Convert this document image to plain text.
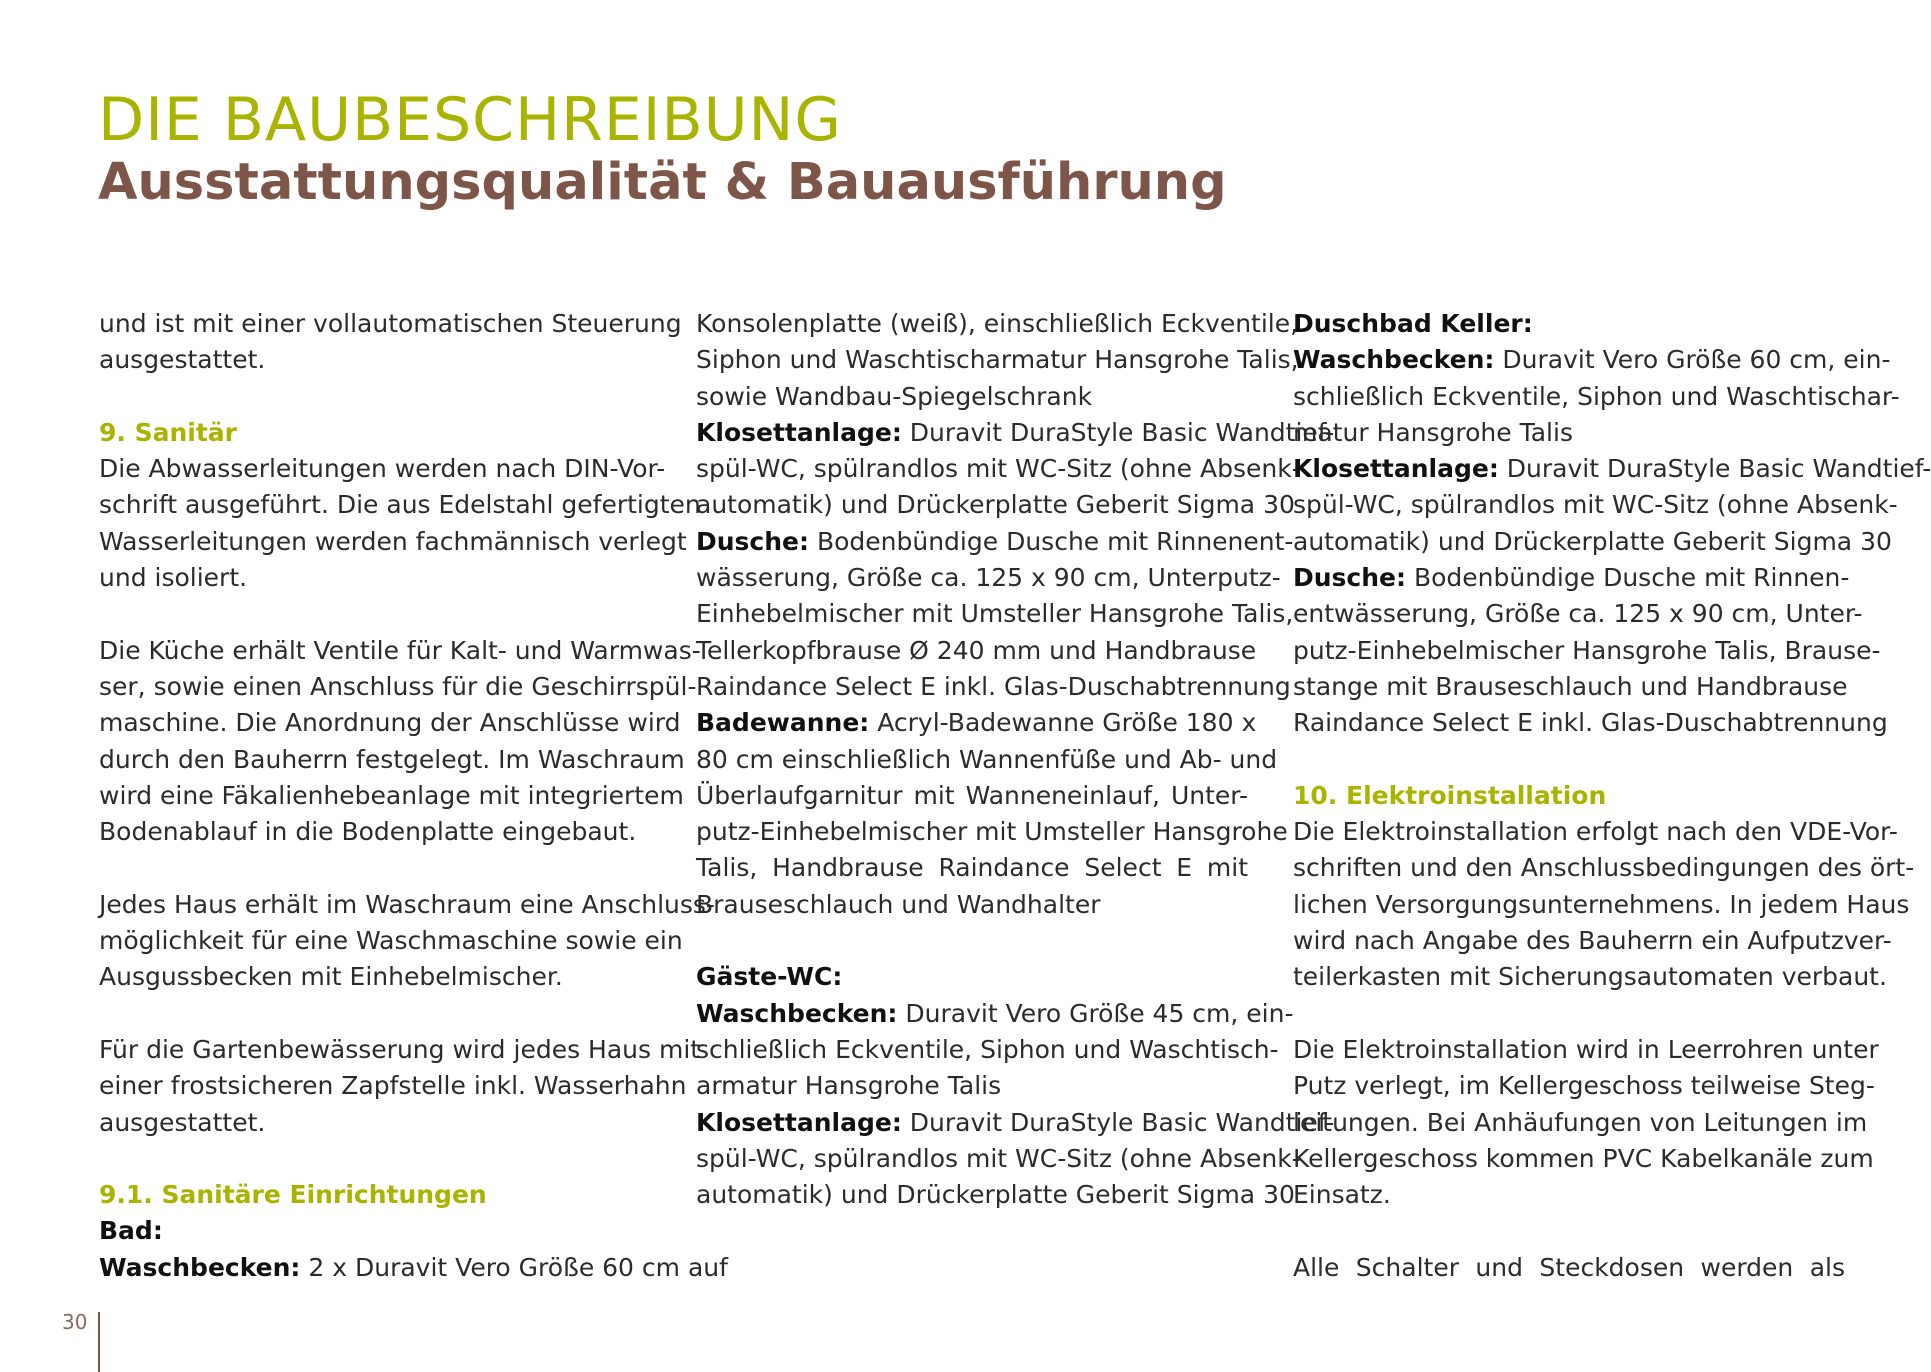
DIE BAUBESCHREIBUNG
Ausstattungsqualität & Bauausführung
und ist mit einer vollautomatischen Steuerung
ausgestattet.
9. Sanitär
Die Abwasserleitungen werden nach DIN-Vor-
schrift ausgeführt. Die aus Edelstahl gefertigten
Wasserleitungen werden fachmännisch verlegt
und isoliert.
Die Küche erhält Ventile für Kalt- und Warmwas-
ser, sowie einen Anschluss für die Geschirrspül-
maschine. Die Anordnung der Anschlüsse wird
durch den Bauherrn festgelegt. Im Waschraum
wird eine Fäkalienhebeanlage mit integriertem
Bodenablauf in die Bodenplatte eingebaut.
Jedes Haus erhält im Waschraum eine Anschluss-
möglichkeit für eine Waschmaschine sowie ein
Ausgussbecken mit Einhebelmischer.
Für die Gartenbewässerung wird jedes Haus mit
einer frostsicheren Zapfstelle inkl. Wasserhahn
ausgestattet.
9.1. Sanitäre Einrichtungen
Bad:
Waschbecken: 2 x Duravit Vero Größe 60 cm auf
Konsolenplatte (weiß), einschließlich Eckventile,
Siphon und Waschtischarmatur Hansgrohe Talis,
sowie Wandbau-Spiegelschrank
Klosettanlage: Duravit DuraStyle Basic Wandtief-
spül-WC, spülrandlos mit WC-Sitz (ohne Absenk-
automatik) und Drückerplatte Geberit Sigma 30
Dusche: Bodenbündige Dusche mit Rinnenent-
wässerung, Größe ca. 125 x 90 cm, Unterputz-
Einhebelmischer mit Umsteller Hansgrohe Talis,
Tellerkopfbrause Ø 240 mm und Handbrause
Raindance Select E inkl. Glas-Duschabtrennung
Badewanne: Acryl-Badewanne Größe 180 x
80 cm einschließlich Wannenfüße und Ab- und
Überlaufgarnitur mit Wanneneinlauf, Unter-
putz-Einhebelmischer mit Umsteller Hansgrohe
Talis, Handbrause Raindance Select E mit
Brauseschlauch und Wandhalter
Gäste-WC:
Waschbecken: Duravit Vero Größe 45 cm, ein-
schließlich Eckventile, Siphon und Waschtisch-
armatur Hansgrohe Talis
Klosettanlage: Duravit DuraStyle Basic Wandtief-
spül-WC, spülrandlos mit WC-Sitz (ohne Absenk-
automatik) und Drückerplatte Geberit Sigma 30
Duschbad Keller:
Waschbecken: Duravit Vero Größe 60 cm, ein-
schließlich Eckventile, Siphon und Waschtischar-
matur Hansgrohe Talis
Klosettanlage: Duravit DuraStyle Basic Wandtief-
spül-WC, spülrandlos mit WC-Sitz (ohne Absenk-
automatik) und Drückerplatte Geberit Sigma 30
Dusche: Bodenbündige Dusche mit Rinnen-
entwässerung, Größe ca. 125 x 90 cm, Unter-
putz-Einhebelmischer Hansgrohe Talis, Brause-
stange mit Brauseschlauch und Handbrause
Raindance Select E inkl. Glas-Duschabtrennung
10. Elektroinstallation
Die Elektroinstallation erfolgt nach den VDE-Vor-
schriften und den Anschlussbedingungen des ört-
lichen Versorgungsunternehmens. In jedem Haus
wird nach Angabe des Bauherrn ein Aufputzver-
teilerkasten mit Sicherungsautomaten verbaut.
Die Elektroinstallation wird in Leerrohren unter
Putz verlegt, im Kellergeschoss teilweise Steg-
leitungen. Bei Anhäufungen von Leitungen im
Kellergeschoss kommen PVC Kabelkanäle zum
Einsatz.
Alle Schalter und Steckdosen werden als
30
